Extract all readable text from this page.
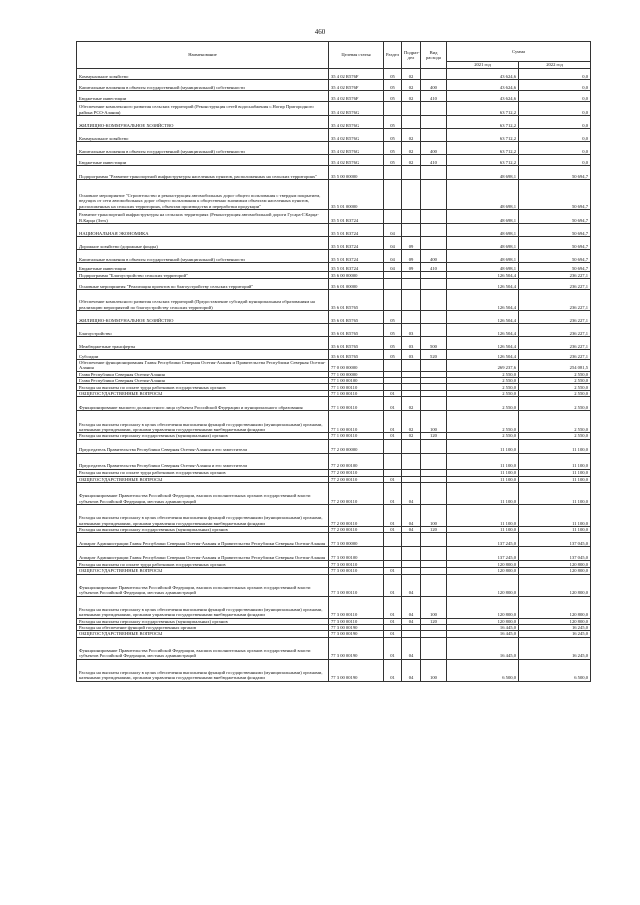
460
Наименование	Целевая статья	Раздел	Подраз-дел	Вид расхода	Сумма	
					2021 год	2022 год
Коммунальное хозяйство	35 4 02 R576F	05	02		43 624,6	0,0
Капитальные вложения в объекты государственной (муниципальной) собственности	35 4 02 R576F	05	02	400	43 624,6	0,0
Бюджетные инвестиции	35 4 02 R576F	05	02	410	43 624,6	0,0
Обеспечение комплексного развития сельских территорий (Реконструкция сетей водоснабжения с.Ногир Пригородного района РСО-Алания)	35 4 02 R576G				63 712,2	0,0
ЖИЛИЩНО-КОММУНАЛЬНОЕ ХОЗЯЙСТВО	35 4 02 R576G	05			63 712,2	0,0
Коммунальное хозяйство	35 4 02 R576G	05	02		63 712,2	0,0
Капитальные вложения в объекты государственной (муниципальной) собственности	35 4 02 R576G	05	02	400	63 712,2	0,0
Бюджетные инвестиции	35 4 02 R576G	05	02	410	63 712,2	0,0
Подпрограмма "Развитие транспортной инфраструктуры населенных пунктов, расположенных на сельских территориях"	35 5 00 00000				48 698,1	50 694,7
Основное мероприятие "Строительство и реконструкция автомобильных дорог общего пользования с твердым покрытием, ведущих от сети автомобильных дорог общего пользования к общественно значимым объектам населенных пунктов, расположенных на сельских территориях, объектам производства и переработки продукции"	35 5 01 00000				48 698,1	50 694,7
Развитие транспортной инфраструктуры на сельских территориях (Реконструкция автомобильной дороги Гусара-Г.Карца-В.Карца (Зэтх)	35 5 01 R3724				48 698,1	50 694,7
НАЦИОНАЛЬНАЯ ЭКОНОМИКА	35 5 01 R3724	04			48 698,1	50 694,7
Дорожное хозяйство (дорожные фонды)	35 5 01 R3724	04	09		48 698,1	50 694,7
Капитальные вложения в объекты государственной (муниципальной) собственности	35 5 01 R3724	04	09	400	48 698,1	50 694,7
Бюджетные инвестиции	35 5 01 R3724	04	09	410	48 698,1	50 694,7
Подпрограмма "Благоустройство сельских территорий"	35 6 00 00000				126 504,4	236 227,1
Основные мероприятия "Реализация проектов по благоустройству сельских территорий"	35 6 01 00000				126 504,4	236 227,1
Обеспечение комплексного развития сельских территорий (Предоставление субсидий муниципальным образованиям на реализацию мероприятий по благоустройству сельских территорий)	35 6 01 R5765				126 504,4	236 227,1
ЖИЛИЩНО-КОММУНАЛЬНОЕ ХОЗЯЙСТВО	35 6 01 R5765	05			126 504,4	236 227,1
Благоустройство	35 6 01 R5765	05	03		126 504,4	236 227,1
Межбюджетные трансферты	35 6 01 R5765	05	03	500	126 504,4	236 227,1
Субсидии	35 6 01 R5765	05	03	520	126 504,4	236 227,1
Обеспечение функционирования Главы Республики Северная Осетия-Алания и Правительства Республики Северная Осетия-Алания	77 0 00 00000				269 237,6	254 081,5
Глава Республики Северная Осетия-Алания	77 1 00 00000				2 550,0	2 550,0
Глава Республики Северная Осетия-Алания	77 1 00 00100				2 550,0	2 550,0
Расходы на выплаты по оплате труда работников государственных органов	77 1 00 00110				2 550,0	2 550,0
ОБЩЕГОСУДАРСТВЕННЫЕ ВОПРОСЫ	77 1 00 00110	01			2 550,0	2 550,0
Функционирование высшего должностного лица субъекта Российской Федерации и муниципального образования	77 1 00 00110	01	02		2 550,0	2 550,0
Расходы на выплаты персоналу в целях обеспечения выполнения функций государственными (муниципальными) органами, казенными учреждениями, органами управления государственными внебюджетными фондами	77 1 00 00110	01	02	100	2 550,0	2 550,0
Расходы на выплаты персоналу государственных (муниципальных) органов	77 1 00 00110	01	02	120	2 550,0	2 550,0
Председатель Правительства Республики Северная Осетия-Алания и его заместители	77 2 00 00000				11 100,0	11 100,0
Председатель Правительства Республики Северная Осетия-Алания и его заместители	77 2 00 00100				11 100,0	11 100,0
Расходы на выплаты по оплате труда работников государственных органов	77 2 00 00110				11 100,0	11 100,0
ОБЩЕГОСУДАРСТВЕННЫЕ ВОПРОСЫ	77 2 00 00110	01			11 100,0	11 100,0
Функционирование Правительства Российской Федерации, высших исполнительных органов государственной власти субъектов Российской Федерации, местных администраций	77 2 00 00110	01	04		11 100,0	11 100,0
Расходы на выплаты персоналу в целях обеспечения выполнения функций государственными (муниципальными) органами, казенными учреждениями, органами управления государственными внебюджетными фондами	77 2 00 00110	01	04	100	11 100,0	11 100,0
Расходы на выплаты персоналу государственных (муниципальных) органов	77 2 00 00110	01	04	120	11 100,0	11 100,0
Аппарат Администрации Главы Республики Северная Осетия-Алания и Правительства Республики Северная Осетия-Алания	77 3 00 00000				137 245,0	137 045,0
Аппарат Администрации Главы Республики Северная Осетия-Алания и Правительства Республики Северная Осетия-Алания	77 3 00 00100				137 245,0	137 045,0
Расходы на выплаты по оплате труда работников государственных органов	77 3 00 00110				120 800,0	120 800,0
ОБЩЕГОСУДАРСТВЕННЫЕ ВОПРОСЫ	77 3 00 00110	01			120 800,0	120 800,0
Функционирование Правительства Российской Федерации, высших исполнительных органов государственной власти субъектов Российской Федерации, местных администраций	77 3 00 00110	01	04		120 800,0	120 800,0
Расходы на выплаты персоналу в целях обеспечения выполнения функций государственными (муниципальными) органами, казенными учреждениями, органами управления государственными внебюджетными фондами	77 3 00 00110	01	04	100	120 800,0	120 800,0
Расходы на выплаты персоналу государственных (муниципальных) органов	77 3 00 00110	01	04	120	120 800,0	120 800,0
Расходы на обеспечение функций государственных органов	77 3 00 00190				16 445,0	16 245,0
ОБЩЕГОСУДАРСТВЕННЫЕ ВОПРОСЫ	77 3 00 00190	01			16 445,0	16 245,0
Функционирование Правительства Российской Федерации, высших исполнительных органов государственной власти субъектов Российской Федерации, местных администраций	77 3 00 00190	01	04		16 445,0	16 245,0
Расходы на выплаты персоналу в целях обеспечения выполнения функций государственными (муниципальными) органами, казенными учреждениями, органами управления государственными внебюджетными фондами	77 3 00 00190	01	04	100	6 500,0	6 500,0
